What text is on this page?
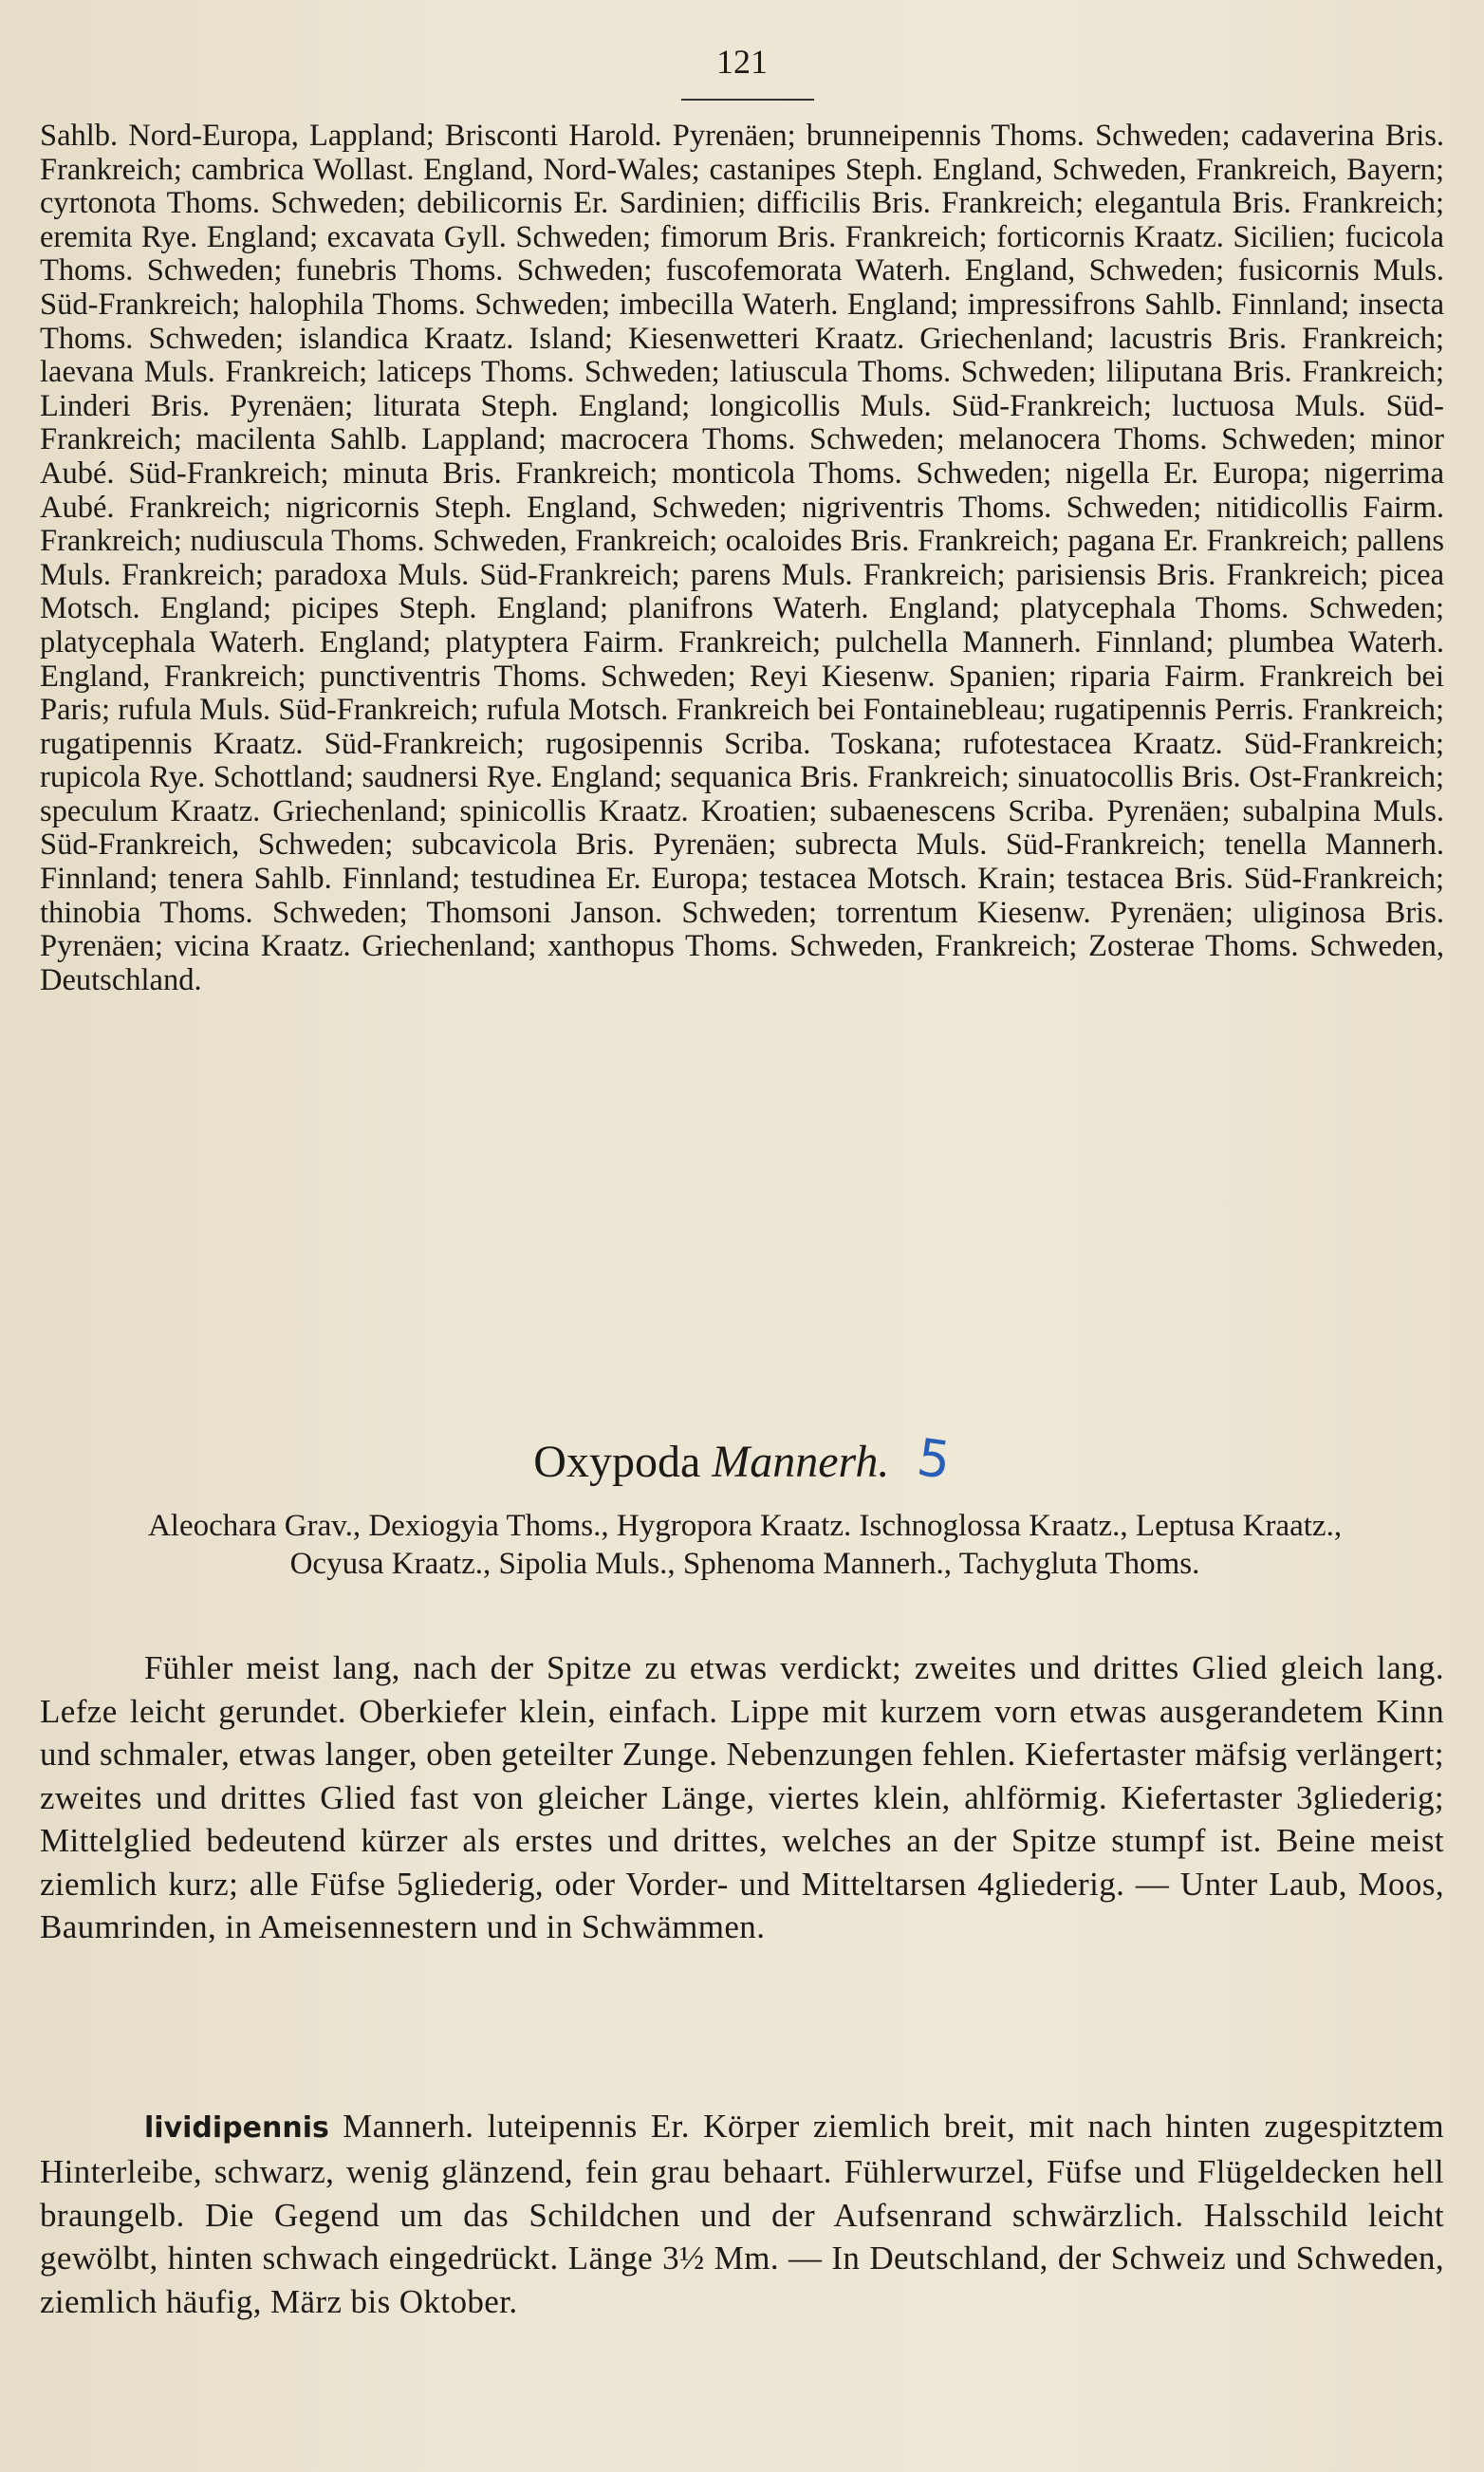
121

Sahlb. Nord-Europa, Lappland; Brisconti Harold. Pyrenäen; brunneipennis Thoms. Schweden; cadaverina Bris. Frankreich; cambrica Wollast. England, Nord-Wales; castanipes Steph. England, Schweden, Frankreich, Bayern; cyrtonota Thoms. Schweden; debilicornis Er. Sardinien; difficilis Bris. Frankreich; elegantula Bris. Frankreich; eremita Rye. England; excavata Gyll. Schweden; fimorum Bris. Frankreich; forticornis Kraatz. Sicilien; fucicola Thoms. Schweden; funebris Thoms. Schweden; fuscofemorata Waterh. England, Schweden; fusicornis Muls. Süd-Frankreich; halophila Thoms. Schweden; imbecilla Waterh. England; impressifrons Sahlb. Finnland; insecta Thoms. Schweden; islandica Kraatz. Island; Kiesenwetteri Kraatz. Griechenland; lacustris Bris. Frankreich; laevana Muls. Frankreich; laticeps Thoms. Schweden; latiuscula Thoms. Schweden; liliputana Bris. Frankreich; Linderi Bris. Pyrenäen; liturata Steph. England; longicollis Muls. Süd-Frankreich; luctuosa Muls. Süd-Frankreich; macilenta Sahlb. Lappland; macrocera Thoms. Schweden; melanocera Thoms. Schweden; minor Aubé. Süd-Frankreich; minuta Bris. Frankreich; monticola Thoms. Schweden; nigella Er. Europa; nigerrima Aubé. Frankreich; nigricornis Steph. England, Schweden; nigriventris Thoms. Schweden; nitidicollis Fairm. Frankreich; nudiuscula Thoms. Schweden, Frankreich; ocaloides Bris. Frankreich; pagana Er. Frankreich; pallens Muls. Frankreich; paradoxa Muls. Süd-Frankreich; parens Muls. Frankreich; parisiensis Bris. Frankreich; picea Motsch. England; picipes Steph. England; planifrons Waterh. England; platycephala Thoms. Schweden; platycephala Waterh. England; platyptera Fairm. Frankreich; pulchella Mannerh. Finnland; plumbea Waterh. England, Frankreich; punctiventris Thoms. Schweden; Reyi Kiesenw. Spanien; riparia Fairm. Frankreich bei Paris; rufula Muls. Süd-Frankreich; rufula Motsch. Frankreich bei Fontainebleau; rugatipennis Perris. Frankreich; rugatipennis Kraatz. Süd-Frankreich; rugosipennis Scriba. Toskana; rufotestacea Kraatz. Süd-Frankreich; rupicola Rye. Schottland; saudnersi Rye. England; sequanica Bris. Frankreich; sinuatocollis Bris. Ost-Frankreich; speculum Kraatz. Griechenland; spinicollis Kraatz. Kroatien; subaenescens Scriba. Pyrenäen; subalpina Muls. Süd-Frankreich, Schweden; subcavicola Bris. Pyrenäen; subrecta Muls. Süd-Frankreich; tenella Mannerh. Finnland; tenera Sahlb. Finnland; testudinea Er. Europa; testacea Motsch. Krain; testacea Bris. Süd-Frankreich; thinobia Thoms. Schweden; Thomsoni Janson. Schweden; torrentum Kiesenw. Pyrenäen; uliginosa Bris. Pyrenäen; vicina Kraatz. Griechenland; xanthopus Thoms. Schweden, Frankreich; Zosterae Thoms. Schweden, Deutschland.

Oxypoda Mannerh. 5

Aleochara Grav., Dexiogyia Thoms., Hygropora Kraatz. Ischnoglossa Kraatz., Leptusa Kraatz., Ocyusa Kraatz., Sipolia Muls., Sphenoma Mannerh., Tachygluta Thoms.

Fühler meist lang, nach der Spitze zu etwas verdickt; zweites und drittes Glied gleich lang. Lefze leicht gerundet. Oberkiefer klein, einfach. Lippe mit kurzem vorn etwas ausgerandetem Kinn und schmaler, etwas langer, oben geteilter Zunge. Nebenzungen fehlen. Kiefertaster mäfsig verlängert; zweites und drittes Glied fast von gleicher Länge, viertes klein, ahlförmig. Kiefertaster 3gliederig; Mittelglied bedeutend kürzer als erstes und drittes, welches an der Spitze stumpf ist. Beine meist ziemlich kurz; alle Füfse 5gliederig, oder Vorder- und Mitteltarsen 4gliederig. — Unter Laub, Moos, Baumrinden, in Ameisennestern und in Schwämmen.

lividipennis Mannerh. luteipennis Er. Körper ziemlich breit, mit nach hinten zugespitztem Hinterleibe, schwarz, wenig glänzend, fein grau behaart. Fühlerwurzel, Füfse und Flügeldecken hell braungelb. Die Gegend um das Schildchen und der Aufsenrand schwärzlich. Halsschild leicht gewölbt, hinten schwach eingedrückt. Länge 3½ Mm. — In Deutschland, der Schweiz und Schweden, ziemlich häufig, März bis Oktober.
